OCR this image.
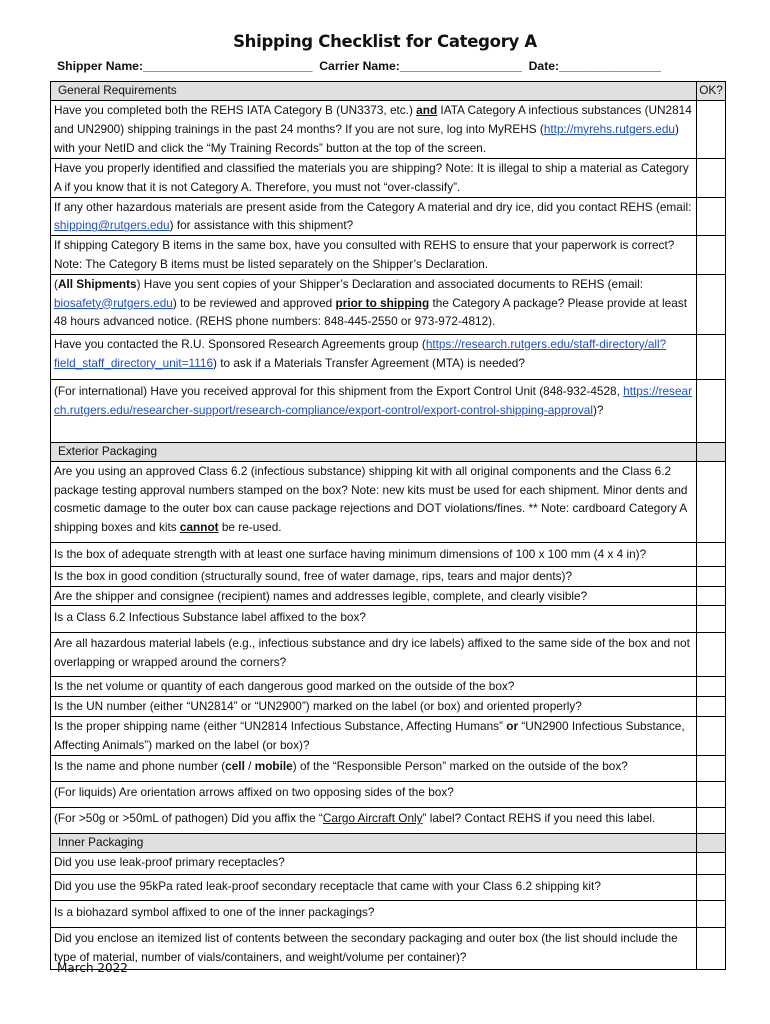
Shipping Checklist for Category A
Shipper Name:_________________________  Carrier Name:__________________  Date:_______________
General Requirements	OK?

Have you completed both the REHS IATA Category B (UN3373, etc.) and IATA Category A infectious substances (UN2814 and UN2900) shipping trainings in the past 24 months? If you are not sure, log into MyREHS (http://myrehs.rutgers.edu) with your NetID and click the “My Training Records” button at the top of the screen.	
Have you properly identified and classified the materials you are shipping? Note: It is illegal to ship a material as Category A if you know that it is not Category A. Therefore, you must not “over-classify”.	
If any other hazardous materials are present aside from the Category A material and dry ice, did you contact REHS (email: shipping@rutgers.edu) for assistance with this shipment?	
If shipping Category B items in the same box, have you consulted with REHS to ensure that your paperwork is correct? Note: The Category B items must be listed separately on the Shipper’s Declaration.	
(All Shipments) Have you sent copies of your Shipper’s Declaration and associated documents to REHS (email: biosafety@rutgers.edu) to be reviewed and approved prior to shipping the Category A package? Please provide at least 48 hours advanced notice. (REHS phone numbers: 848-445-2550 or 973-972-4812).	
Have you contacted the R.U. Sponsored Research Agreements group (https://research.rutgers.edu/staff-directory/all?field_staff_directory_unit=1116) to ask if a Materials Transfer Agreement (MTA) is needed?	
(For international) Have you received approval for this shipment from the Export Control Unit (848-932-4528, https://research.rutgers.edu/researcher-support/research-compliance/export-control/export-control-shipping-approval)?	
Exterior Packaging	
Are you using an approved Class 6.2 (infectious substance) shipping kit with all original components and the Class 6.2 package testing approval numbers stamped on the box? Note: new kits must be used for each shipment. Minor dents and cosmetic damage to the outer box can cause package rejections and DOT violations/fines. ** Note: cardboard Category A shipping boxes and kits cannot be re-used.	
Is the box of adequate strength with at least one surface having minimum dimensions of 100 x 100 mm (4 x 4 in)?	
Is the box in good condition (structurally sound, free of water damage, rips, tears and major dents)?	
Are the shipper and consignee (recipient) names and addresses legible, complete, and clearly visible?	
Is a Class 6.2 Infectious Substance label affixed to the box?	
Are all hazardous material labels (e.g., infectious substance and dry ice labels) affixed to the same side of the box and not overlapping or wrapped around the corners?	
Is the net volume or quantity of each dangerous good marked on the outside of the box?	
Is the UN number (either “UN2814” or “UN2900”) marked on the label (or box) and oriented properly?	
Is the proper shipping name (either “UN2814 Infectious Substance, Affecting Humans” or “UN2900 Infectious Substance, Affecting Animals”) marked on the label (or box)?	
Is the name and phone number (cell / mobile) of the “Responsible Person” marked on the outside of the box?	
(For liquids) Are orientation arrows affixed on two opposing sides of the box?	
(For >50g or >50mL of pathogen) Did you affix the “Cargo Aircraft Only” label? Contact REHS if you need this label.	
Inner Packaging	
Did you use leak-proof primary receptacles?	
Did you use the 95kPa rated leak-proof secondary receptacle that came with your Class 6.2 shipping kit?	
Is a biohazard symbol affixed to one of the inner packagings?	
Did you enclose an itemized list of contents between the secondary packaging and outer box (the list should include the type of material, number of vials/containers, and weight/volume per container)?	
March 2022
